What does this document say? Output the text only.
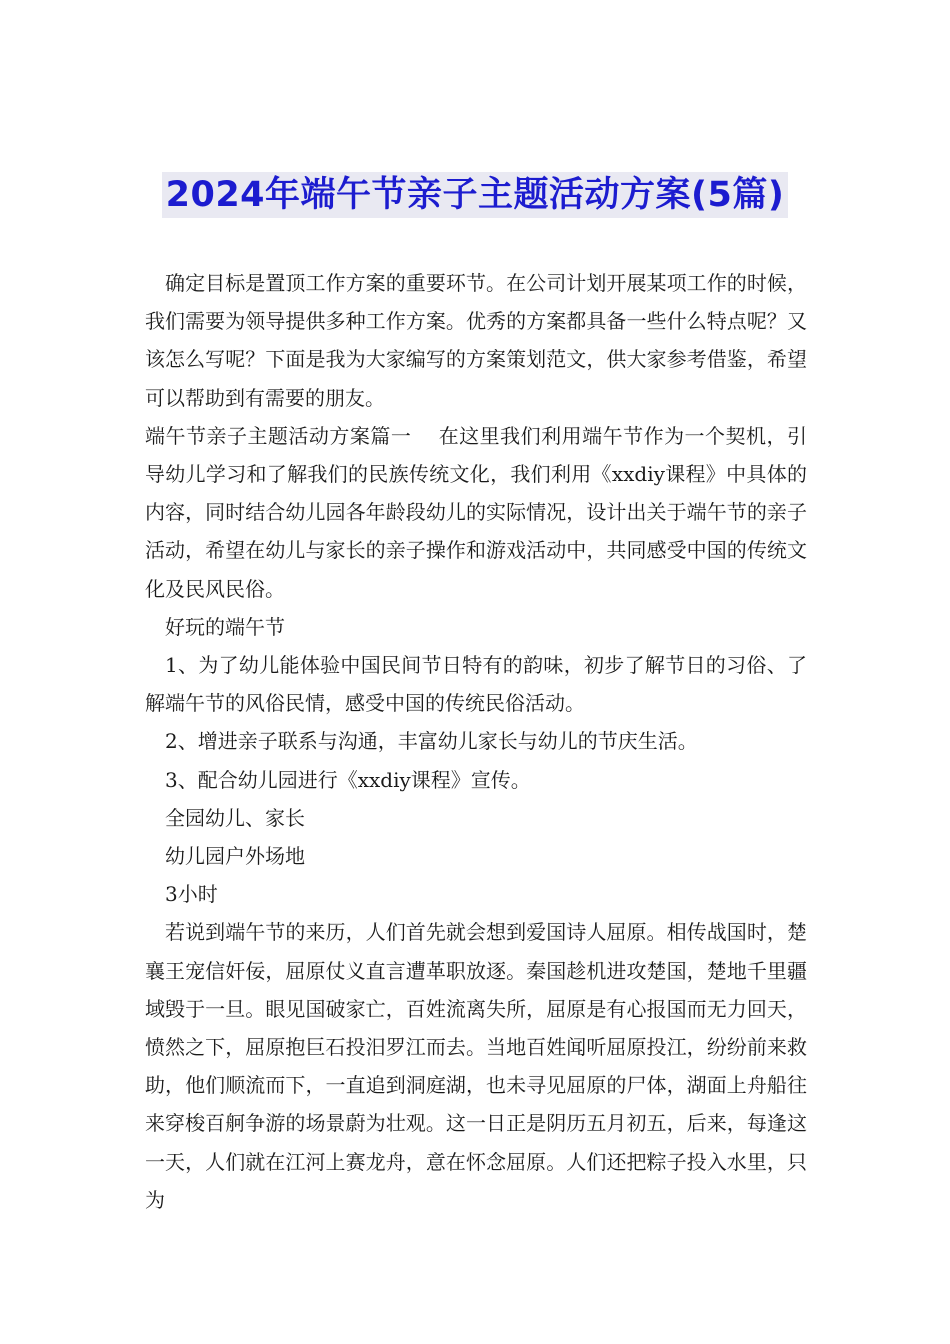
2024年端午节亲子主题活动方案(5篇)

确定目标是置顶工作方案的重要环节。在公司计划开展某项工作的时候，我们需要为领导提供多种工作方案。优秀的方案都具备一些什么特点呢？又该怎么写呢？下面是我为大家编写的方案策划范文，供大家参考借鉴，希望可以帮助到有需要的朋友。

端午节亲子主题活动方案篇一　 在这里我们利用端午节作为一个契机，引导幼儿学习和了解我们的民族传统文化，我们利用《xxdiy课程》中具体的内容，同时结合幼儿园各年龄段幼儿的实际情况，设计出关于端午节的亲子活动，希望在幼儿与家长的亲子操作和游戏活动中，共同感受中国的传统文化及民风民俗。

好玩的端午节

1、为了幼儿能体验中国民间节日特有的韵味，初步了解节日的习俗、了解端午节的风俗民情，感受中国的传统民俗活动。

2、增进亲子联系与沟通，丰富幼儿家长与幼儿的节庆生活。

3、配合幼儿园进行《xxdiy课程》宣传。

全园幼儿、家长

幼儿园户外场地

3小时

若说到端午节的来历，人们首先就会想到爱国诗人屈原。相传战国时，楚襄王宠信奸佞，屈原仗义直言遭革职放逐。秦国趁机进攻楚国，楚地千里疆域毁于一旦。眼见国破家亡，百姓流离失所，屈原是有心报国而无力回天，愤然之下，屈原抱巨石投汨罗江而去。当地百姓闻听屈原投江，纷纷前来救助，他们顺流而下，一直追到洞庭湖，也未寻见屈原的尸体，湖面上舟船往来穿梭百舸争游的场景蔚为壮观。这一日正是阴历五月初五，后来，每逢这一天，人们就在江河上赛龙舟，意在怀念屈原。人们还把粽子投入水里，只为
